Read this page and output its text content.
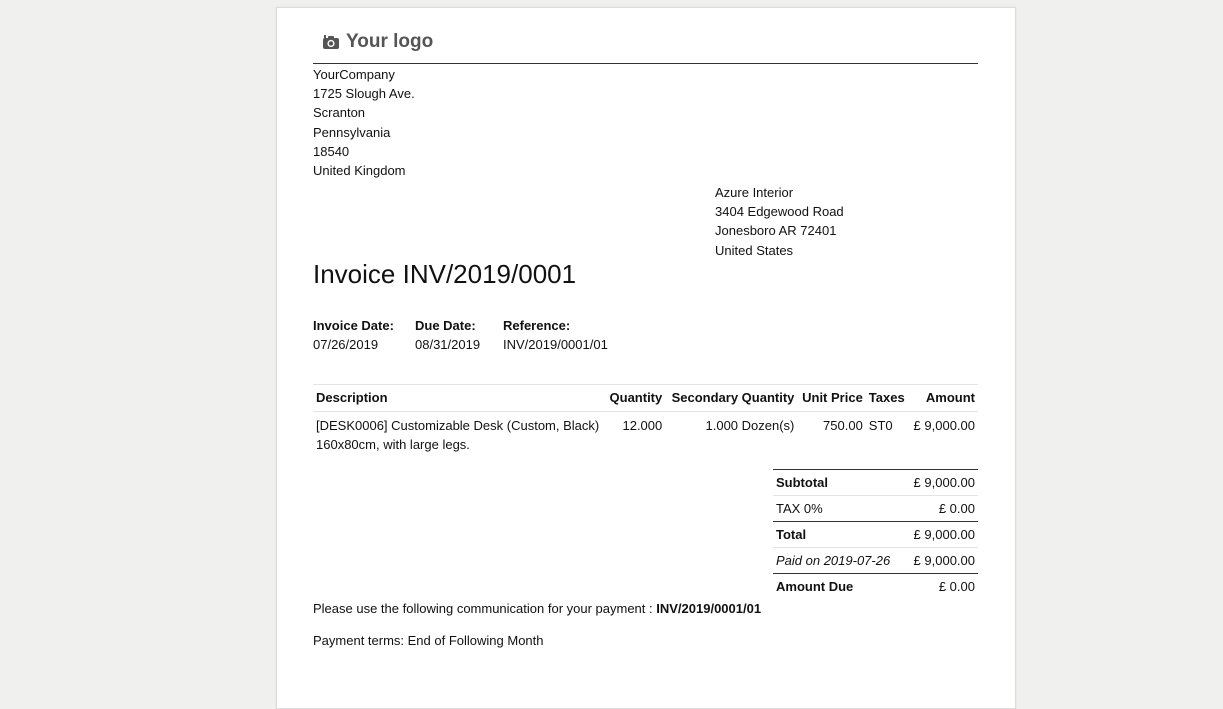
Your logo
YourCompany
1725 Slough Ave.
Scranton
Pennsylvania
18540
United Kingdom
Azure Interior
3404 Edgewood Road
Jonesboro AR 72401
United States
Invoice INV/2019/0001
Invoice Date:
07/26/2019
Due Date:
08/31/2019
Reference:
INV/2019/0001/01
Description	Quantity	Secondary Quantity	Unit Price	Taxes	Amount
[DESK0006] Customizable Desk (Custom, Black) 160x80cm, with large legs.	12.000	1.000 Dozen(s)	750.00	ST0	£ 9,000.00
Subtotal	£ 9,000.00
TAX 0%	£ 0.00
Total	£ 9,000.00
Paid on 2019-07-26	£ 9,000.00
Amount Due	£ 0.00
Please use the following communication for your payment : INV/2019/0001/01
Payment terms: End of Following Month
